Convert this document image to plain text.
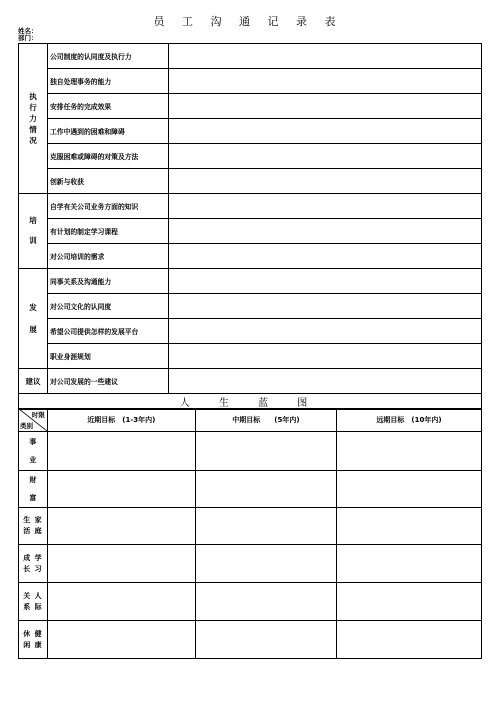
员 工 沟 通 记 录 表
姓名：
部门：
执行力情况	公司制度的认同度及执行力	
	独自处理事务的能力	
	安排任务的完成效果	
	工作中遇到的困难和障碍	
	克服困难或障碍的对策及方法	
	创新与收获	
培训	自学有关公司业务方面的知识	
	有计划的制定学习课程	
	对公司培训的需求	
发展	同事关系及沟通能力	
	对公司文化的认同度	
	希望公司提供怎样的发展平台	
	职业身涯规划	
建议	对公司发展的一些建议	
人 生 蓝 图		
时限
类别	近期目标　(1-3年内)	中期目标　　(5年内)	远期目标　(10年内)

事
业			

财
富			

生 家
活 庭			

成 学
长 习			

关 人
系 际			

休 健
闲 康			
